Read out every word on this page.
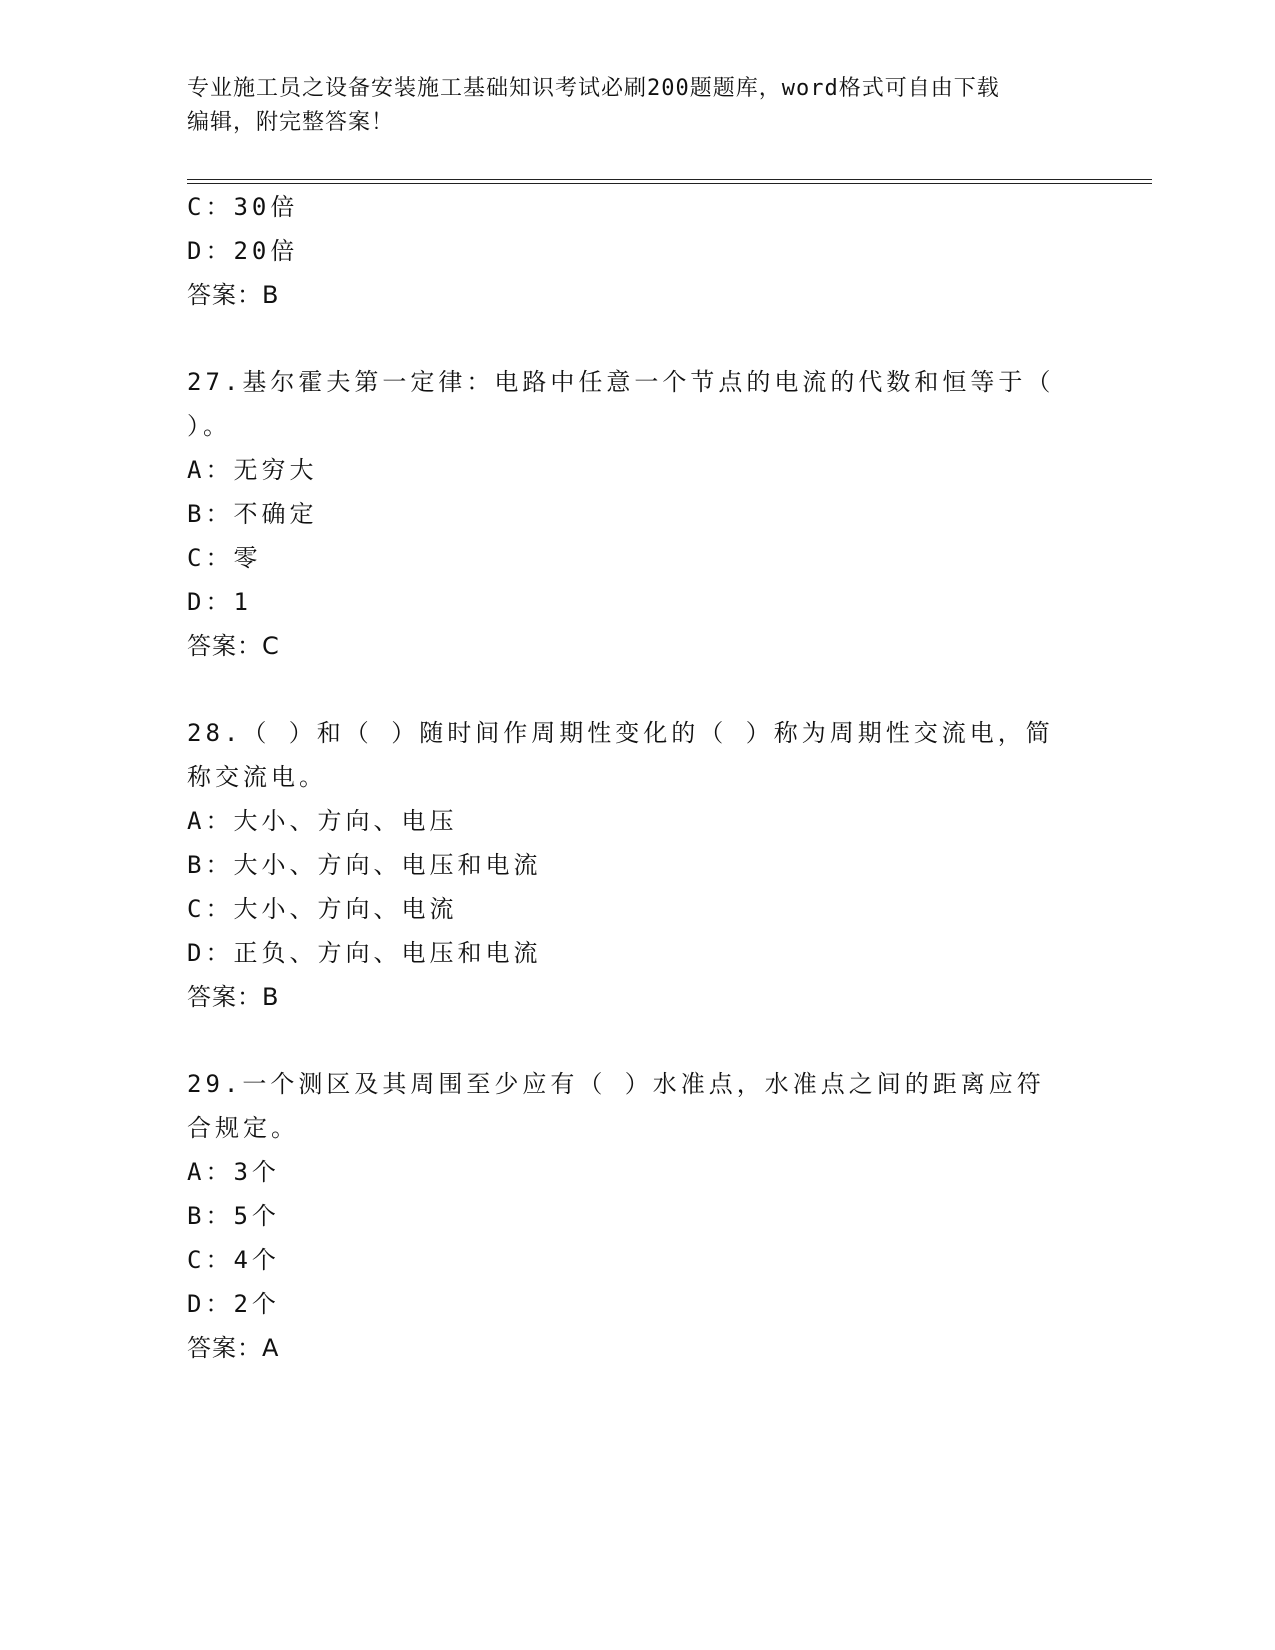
专业施工员之设备安装施工基础知识考试必刷200题题库，word格式可自由下载
编辑，附完整答案！
C：30倍
D：20倍
答案：B
27.基尔霍夫第一定律：电路中任意一个节点的电流的代数和恒等于（
）。
A：无穷大
B：不确定
C：零
D：1
答案：C
28.（ ）和（ ）随时间作周期性变化的（ ）称为周期性交流电，简
称交流电。
A：大小、方向、电压
B：大小、方向、电压和电流
C：大小、方向、电流
D：正负、方向、电压和电流
答案：B
29.一个测区及其周围至少应有（ ）水准点，水准点之间的距离应符
合规定。
A：3个
B：5个
C：4个
D：2个
答案：A
